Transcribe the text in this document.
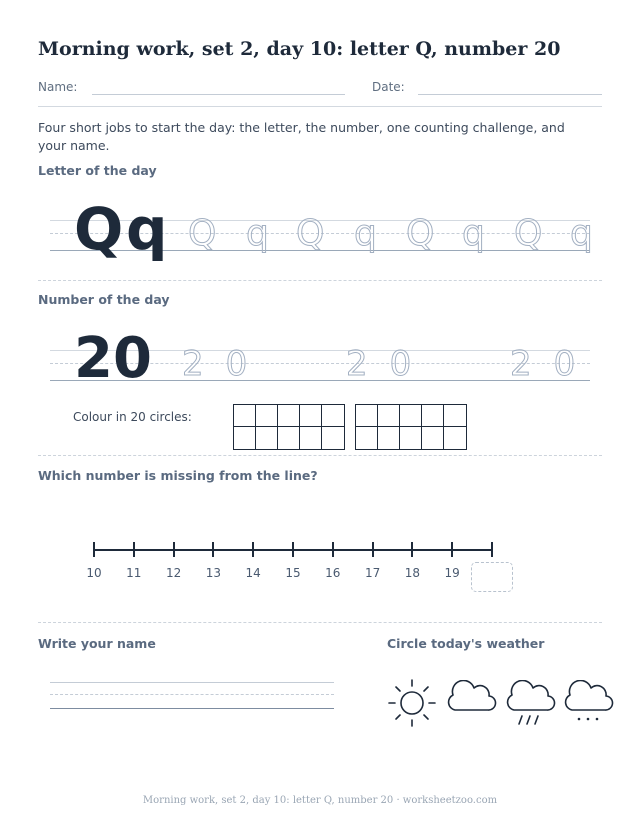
Morning work, set 2, day 10: letter Q, number 20
Name:	Date:
Four short jobs to start the day: the letter, the number, one counting challenge, and your name.
Letter of the day
Q q Q q Q q Q q Q q
Number of the day
20 20 20 20
Colour in 20 circles:
Which number is missing from the line?
10	11	12	13	14	15	16	17	18	19
Write your name	Circle today's weather
Morning work, set 2, day 10: letter Q, number 20 · worksheetzoo.com
